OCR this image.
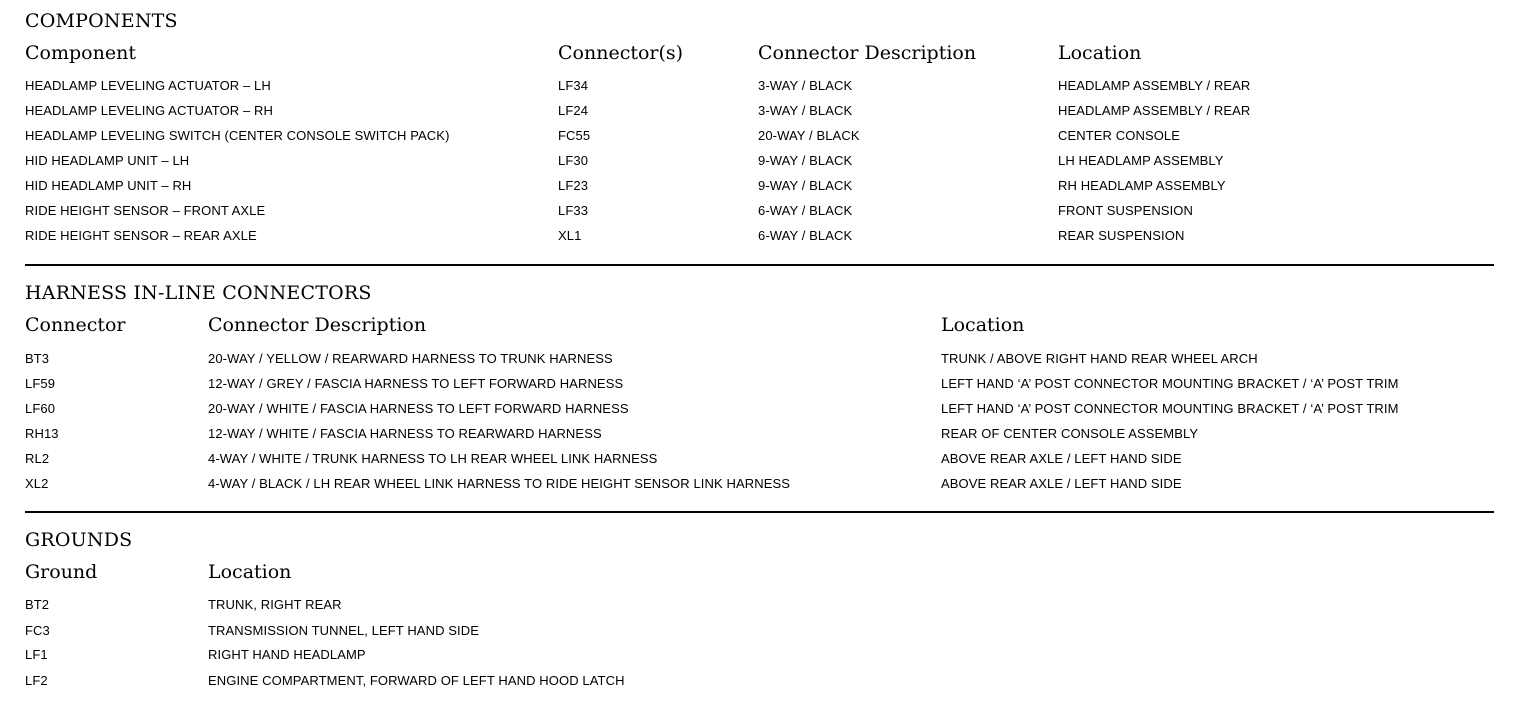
COMPONENTS
Component	Connector(s)	Connector Description	Location
HEADLAMP LEVELING ACTUATOR – LH	LF34	3-WAY / BLACK	HEADLAMP ASSEMBLY / REAR
HEADLAMP LEVELING ACTUATOR – RH	LF24	3-WAY / BLACK	HEADLAMP ASSEMBLY / REAR
HEADLAMP LEVELING SWITCH (CENTER CONSOLE SWITCH PACK)	FC55	20-WAY / BLACK	CENTER CONSOLE
HID HEADLAMP UNIT – LH	LF30	9-WAY / BLACK	LH HEADLAMP ASSEMBLY
HID HEADLAMP UNIT – RH	LF23	9-WAY / BLACK	RH HEADLAMP ASSEMBLY
RIDE HEIGHT SENSOR – FRONT AXLE	LF33	6-WAY / BLACK	FRONT SUSPENSION
RIDE HEIGHT SENSOR – REAR AXLE	XL1	6-WAY / BLACK	REAR SUSPENSION
HARNESS IN-LINE CONNECTORS
Connector	Connector Description	Location
BT3	20-WAY / YELLOW / REARWARD HARNESS TO TRUNK HARNESS	TRUNK / ABOVE RIGHT HAND REAR WHEEL ARCH
LF59	12-WAY / GREY / FASCIA HARNESS TO LEFT FORWARD HARNESS	LEFT HAND ‘A’ POST CONNECTOR MOUNTING BRACKET / ‘A’ POST TRIM
LF60	20-WAY / WHITE / FASCIA HARNESS TO LEFT FORWARD HARNESS	LEFT HAND ‘A’ POST CONNECTOR MOUNTING BRACKET / ‘A’ POST TRIM
RH13	12-WAY / WHITE / FASCIA HARNESS TO REARWARD HARNESS	REAR OF CENTER CONSOLE ASSEMBLY
RL2	4-WAY / WHITE / TRUNK HARNESS TO LH REAR WHEEL LINK HARNESS	ABOVE REAR AXLE / LEFT HAND SIDE
XL2	4-WAY / BLACK / LH REAR WHEEL LINK HARNESS TO RIDE HEIGHT SENSOR LINK HARNESS	ABOVE REAR AXLE / LEFT HAND SIDE
GROUNDS
Ground	Location
BT2	TRUNK, RIGHT REAR
FC3	TRANSMISSION TUNNEL, LEFT HAND SIDE
LF1	RIGHT HAND HEADLAMP
LF2	ENGINE COMPARTMENT, FORWARD OF LEFT HAND HOOD LATCH
